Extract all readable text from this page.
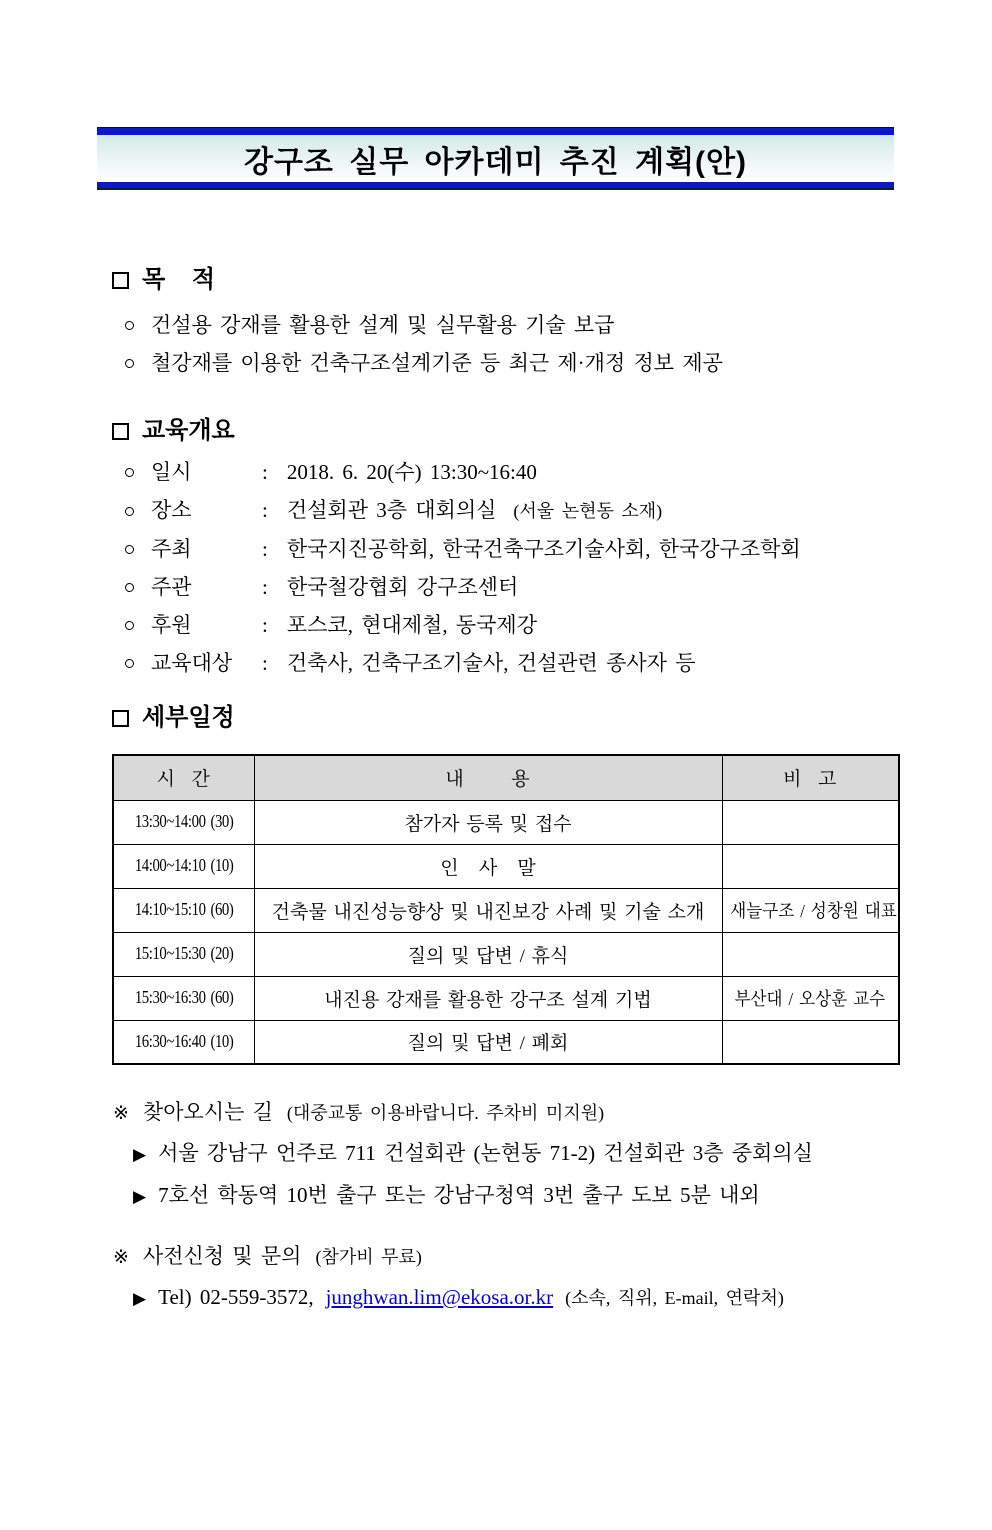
강구조 실무 아카데미 추진 계획(안)
목    적
건설용 강재를 활용한 설계 및 실무활용 기술 보급
철강재를 이용한 건축구조설계기준 등 최근 제·개정 정보 제공
교육개요
일시	: 2018. 6. 20(수) 13:30~16:40
장소	: 건설회관 3층 대회의실 (서울 논현동 소재)
주최	: 한국지진공학회, 한국건축구조기술사회, 한국강구조학회
주관	: 한국철강협회 강구조센터
후원	: 포스코, 현대제철, 동국제강
교육대상	: 건축사, 건축구조기술사, 건설관련 종사자 등
세부일정
시  간	내      용	비  고
13:30~14:00 (30)	참가자 등록 및 접수	
14:00~14:10 (10)	인   사   말	
14:10~15:10 (60)	건축물 내진성능향상 및 내진보강 사례 및 기술 소개	새늘구조 / 성창원 대표
15:10~15:30 (20)	질의 및 답변 / 휴식	
15:30~16:30 (60)	내진용 강재를 활용한 강구조 설계 기법	부산대 / 오상훈 교수
16:30~16:40 (10)	질의 및 답변 / 폐회	
※ 찾아오시는 길 (대중교통 이용바랍니다. 주차비 미지원)
▶ 서울 강남구 언주로 711 건설회관 (논현동 71-2) 건설회관 3층 중회의실
▶ 7호선 학동역 10번 출구 또는 강남구청역 3번 출구 도보 5분 내외
※ 사전신청 및 문의 (참가비 무료)
▶ Tel) 02-559-3572, junghwan.lim@ekosa.or.kr (소속, 직위, E-mail, 연락처)
